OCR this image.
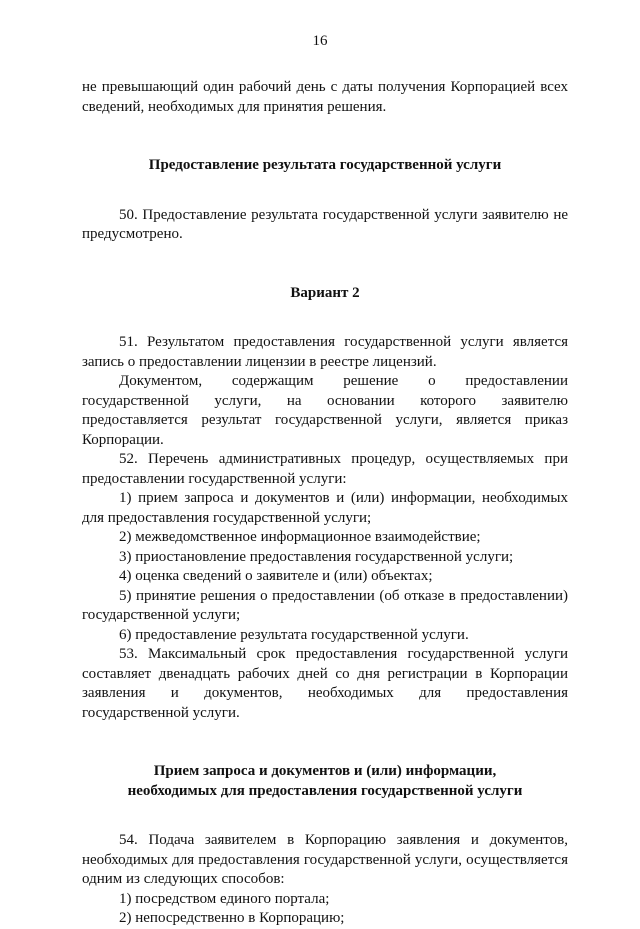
16

не превышающий один рабочий день с даты получения Корпорацией всех сведений, необходимых для принятия решения.

Предоставление результата государственной услуги

50. Предоставление результата государственной услуги заявителю не предусмотрено.

Вариант 2

51. Результатом предоставления государственной услуги является запись о предоставлении лицензии в реестре лицензий.

Документом, содержащим решение о предоставлении государственной услуги, на основании которого заявителю предоставляется результат государственной услуги, является приказ Корпорации.

52. Перечень административных процедур, осуществляемых при предоставлении государственной услуги:

1) прием запроса и документов и (или) информации, необходимых для предоставления государственной услуги;

2) межведомственное информационное взаимодействие;

3) приостановление предоставления государственной услуги;

4) оценка сведений о заявителе и (или) объектах;

5) принятие решения о предоставлении (об отказе в предоставлении) государственной услуги;

6) предоставление результата государственной услуги.

53. Максимальный срок предоставления государственной услуги составляет двенадцать рабочих дней со дня регистрации в Корпорации заявления и документов, необходимых для предоставления государственной услуги.

Прием запроса и документов и (или) информации,

необходимых для предоставления государственной услуги

54. Подача заявителем в Корпорацию заявления и документов, необходимых для предоставления государственной услуги, осуществляется одним из следующих способов:

1) посредством единого портала;

2) непосредственно в Корпорацию;
